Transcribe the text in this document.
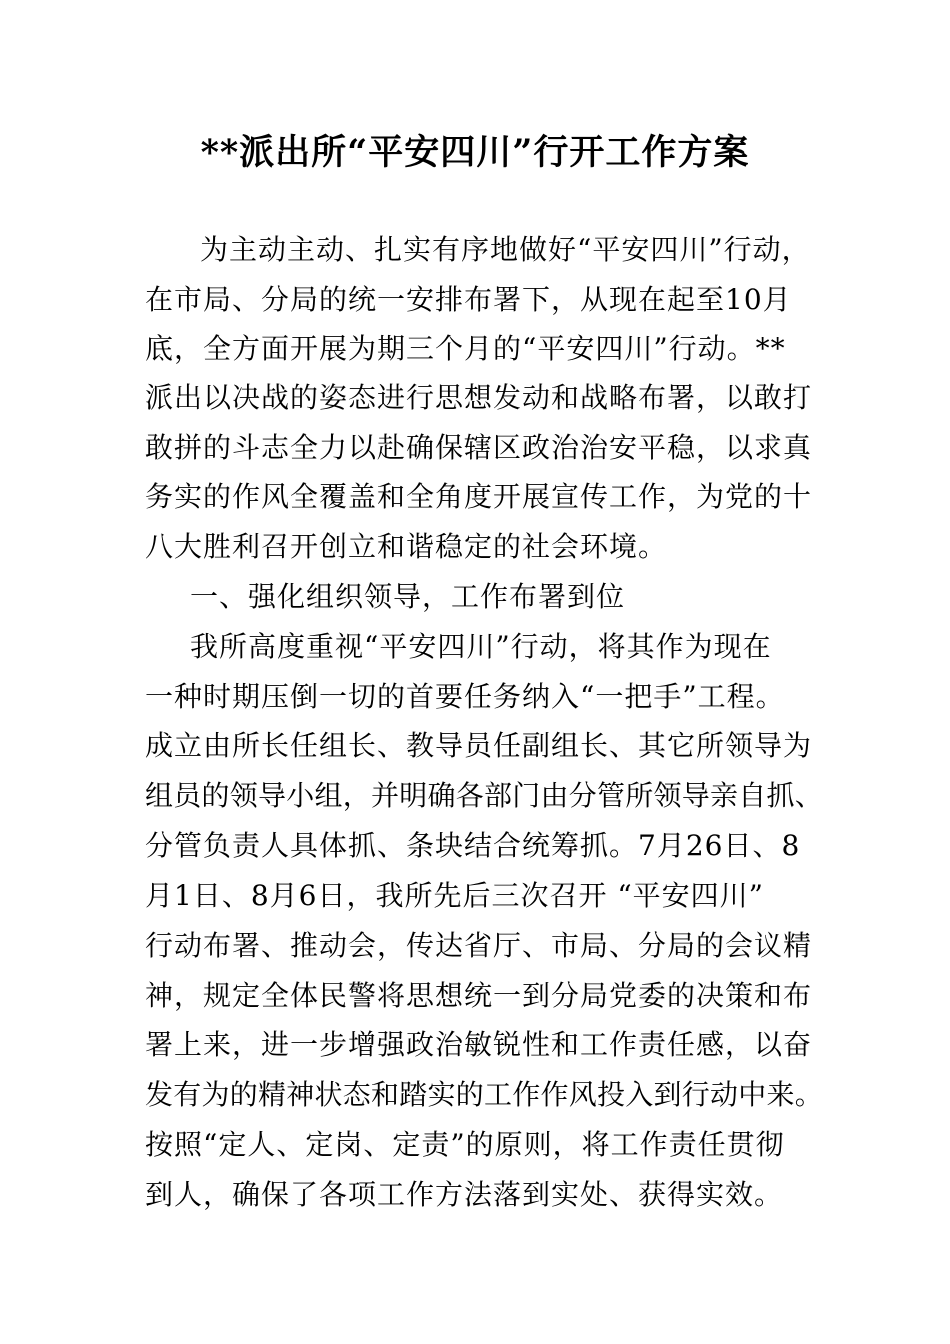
**派出所“平安四川”行开工作方案
为主动主动、扎实有序地做好“平安四川”行动，
在市局、分局的统一安排布署下，从现在起至10月
底，全方面开展为期三个月的“平安四川”行动。**
派出以决战的姿态进行思想发动和战略布署，以敢打
敢拼的斗志全力以赴确保辖区政治治安平稳，以求真
务实的作风全覆盖和全角度开展宣传工作，为党的十
八大胜利召开创立和谐稳定的社会环境。
一、强化组织领导，工作布署到位
我所高度重视“平安四川”行动，将其作为现在
一种时期压倒一切的首要任务纳入“一把手”工程。
成立由所长任组长、教导员任副组长、其它所领导为
组员的领导小组，并明确各部门由分管所领导亲自抓、
分管负责人具体抓、条块结合统筹抓。7月26日、8
月1日、8月6日，我所先后三次召开 “平安四川”
行动布署、推动会，传达省厅、市局、分局的会议精
神，规定全体民警将思想统一到分局党委的决策和布
署上来，进一步增强政治敏锐性和工作责任感，以奋
发有为的精神状态和踏实的工作作风投入到行动中来。
按照“定人、定岗、定责”的原则，将工作责任贯彻
到人，确保了各项工作方法落到实处、获得实效。
